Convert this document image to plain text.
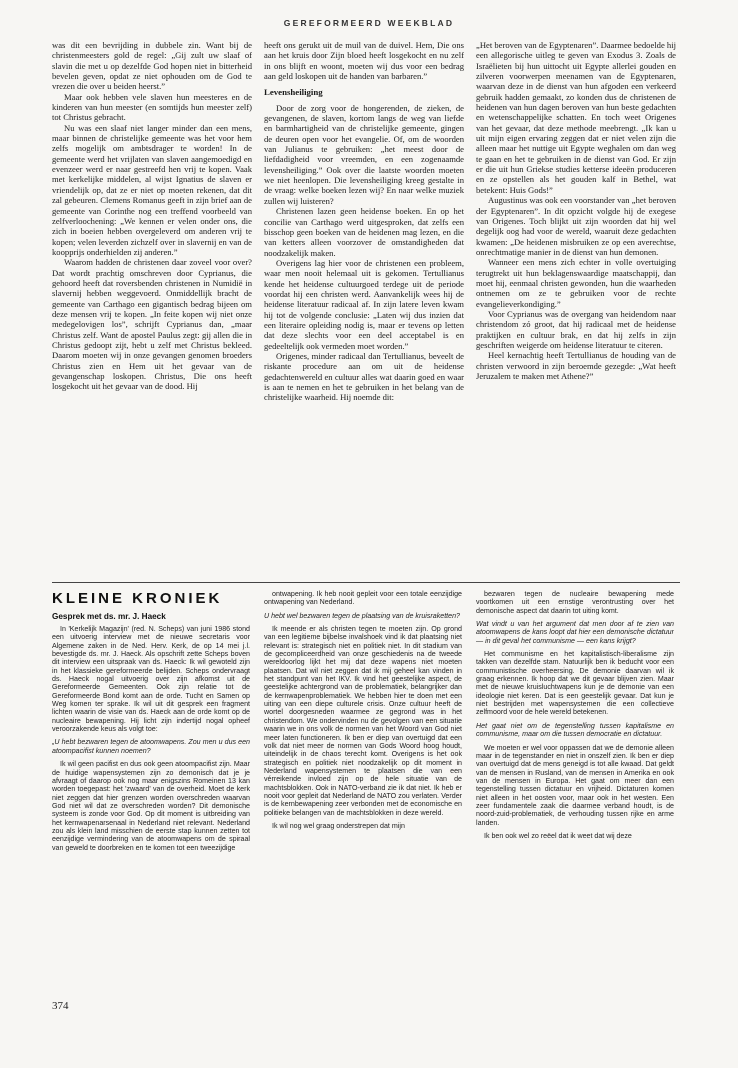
GEREFORMEERD WEEKBLAD

was dit een bevrijding in dubbele zin. Want bij de christenmeesters gold de regel: „Gij zult uw slaaf of slavin die met u op dezelfde God hopen niet in bitterheid bevelen geven, opdat ze niet ophouden om de God te vrezen die over u beiden heerst.”

Maar ook hebben vele slaven hun meesteres en de kinderen van hun meester (en somtijds hun meester zelf) tot Christus gebracht.

Nu was een slaaf niet langer minder dan een mens, maar binnen de christelijke gemeente was het voor hem zelfs mogelijk om ambtsdrager te worden! In de gemeente werd het vrijlaten van slaven aangemoedigd en evenzeer werd er naar gestreefd hen vrij te kopen. Vaak met kerkelijke middelen, al wijst Ignatius de slaven er vriendelijk op, dat ze er niet op moeten rekenen, dat dit zal gebeuren. Clemens Romanus geeft in zijn brief aan de gemeente van Corinthe nog een treffend voorbeeld van zelfverloochening: „We kennen er velen onder ons, die zich in boeien hebben overgeleverd om anderen vrij te kopen; velen leverden zichzelf over in slavernij en van de koopprijs onderhielden zij anderen.”

Waarom hadden de christenen daar zoveel voor over? Dat wordt prachtig omschreven door Cyprianus, die gehoord heeft dat roversbenden christenen in Numidië in slavernij hebben weggevoerd. Onmiddellijk bracht de gemeente van Carthago een gigantisch bedrag bijeen om deze mensen vrij te kopen. „In feite kopen wij niet onze medegelovigen los”, schrijft Cyprianus dan, „maar Christus zelf. Want de apostel Paulus zegt: gij allen die in Christus gedoopt zijt, hebt u zelf met Christus bekleed. Daarom moeten wij in onze gevangen genomen broeders Christus zien en Hem uit het gevaar van de gevangenschap loskopen. Christus, Die ons heeft losgekocht uit het gevaar van de dood. Hij

heeft ons gerukt uit de muil van de duivel. Hem, Die ons aan het kruis door Zijn bloed heeft losgekocht en nu zelf in ons blijft en woont, moeten wij dus voor een bedrag aan geld loskopen uit de handen van barbaren.”

Levensheiliging

Door de zorg voor de hongerenden, de zieken, de gevangenen, de slaven, kortom langs de weg van liefde en barmhartigheid van de christelijke gemeente, gingen de deuren open voor het evangelie. Of, om de woorden van Julianus te gebruiken: „het meest door de liefdadigheid voor vreemden, en een zogenaamde levensheiliging.” Ook over die laatste woorden moeten we niet heenlopen. Die levensheiliging kreeg gestalte in de vraag: welke boeken lezen wij? En naar welke muziek zullen wij luisteren?

Christenen lazen geen heidense boeken. En op het concilie van Carthago werd uitgesproken, dat zelfs een bisschop geen boeken van de heidenen mag lezen, en die van ketters alleen voorzover de omstandigheden dat noodzakelijk maken.

Overigens lag hier voor de christenen een probleem, waar men nooit helemaal uit is gekomen. Tertullianus kende het heidense cultuurgoed terdege uit de periode voordat hij een christen werd. Aanvankelijk wees hij de heidense literatuur radicaal af. In zijn latere leven kwam hij tot de volgende conclusie: „Laten wij dus inzien dat een literaire opleiding nodig is, maar er tevens op letten dat deze slechts voor een deel acceptabel is en gedeeltelijk ook vermeden moet worden.”

Origenes, minder radicaal dan Tertullianus, beveelt de riskante procedure aan om uit de heidense gedachtenwereld en cultuur alles wat daarin goed en waar is aan te nemen en het te gebruiken in het belang van de christelijke waarheid. Hij noemde dit:

„Het beroven van de Egyptenaren”. Daarmee bedoelde hij een allegorische uitleg te geven van Exodus 3. Zoals de Israëlieten bij hun uittocht uit Egypte allerlei gouden en zilveren voorwerpen meenamen van de Egyptenaren, waarvan deze in de dienst van hun afgoden een verkeerd gebruik hadden gemaakt, zo konden dus de christenen de heidenen van hun dagen beroven van hun beste gedachten en wetenschappelijke schatten. En toch weet Origenes van het gevaar, dat deze methode meebrengt. „Ik kan u uit mijn eigen ervaring zeggen dat er niet velen zijn die alleen maar het nuttige uit Egypte weghalen om dan weg te gaan en het te gebruiken in de dienst van God. Er zijn er die uit hun Griekse studies ketterse ideeën produceren en ze opstellen als het gouden kalf in Bethel, wat betekent: Huis Gods!”

Augustinus was ook een voorstander van „het beroven der Egyptenaren”. In dit opzicht volgde hij de exegese van Origenes. Toch blijkt uit zijn woorden dat hij wel degelijk oog had voor de wereld, waaruit deze gedachten kwamen: „De heidenen misbruiken ze op een averechtse, onrechtmatige manier in de dienst van hun demonen.

Wanneer een mens zich echter in volle overtuiging terugtrekt uit hun beklagenswaardige maatschappij, dan moet hij, eenmaal christen gewonden, hun die waarheden ontnemen om ze te gebruiken voor de rechte evangelieverkondiging.”

Voor Cyprianus was de overgang van heidendom naar christendom zó groot, dat hij radicaal met de heidense praktijken en cultuur brak, en dat hij zelfs in zijn geschriften weigerde om heidense literatuur te citeren.

Heel kernachtig heeft Tertullianus de houding van de christen verwoord in zijn beroemde gezegde: „Wat heeft Jeruzalem te maken met Athene?”

KLEINE KRONIEK
Gesprek met ds. mr. J. Haeck

In 'Kerkelijk Magazijn' (red. N. Scheps) van juni 1986 stond een uitvoerig interview met de nieuwe secretaris voor Algemene zaken in de Ned. Herv. Kerk, de op 14 mei j.l. bevestigde ds. mr. J. Haeck. Als opschrift zette Scheps boven dit interview een uitspraak van ds. Haeck: Ik wil gewoteld zijn in het klassieke gereformeerde belijden. Scheps ondervraagt ds. Haeck nogal uitvoerig over zijn afkomst uit de Gereformeerde Gemeenten. Ook zijn relatie tot de Gereformeerde Bond komt aan de orde. Tucht en Samen op Weg komen ter sprake. Ik wil uit dit gesprek een fragment lichten waarin de visie van ds. Haeck aan de orde komt op de nucleaire bewapening. Hij licht zijn indertijd nogal opheef veroorzakende keus als volgt toe:

„U hebt bezwaren tegen de atoomwapens. Zou men u dus een atoompacifist kunnen noemen?

Ik wil geen pacifist en dus ook geen atoompacifist zijn. Maar de huidige wapensystemen zijn zo demonisch dat je je afvraagt of daarop ook nog maar enigszins Romeinen 13 kan worden toegepast: het 'zwaard' van de overheid. Moet de kerk niet zeggen dat hier grenzen worden overschreden waarvan God niet wil dat ze overschreden worden? Dit demonische systeem is zonde voor God. Op dit moment is uitbreiding van het kernwapenarsenaal in Nederland niet relevant. Nederland zou als klein land misschien de eerste stap kunnen zetten tot eenzijdige vermindering van de atoomwapens om de spiraal van geweld te doorbreken en te komen tot een tweezijdige

ontwapening. Ik heb nooit gepleit voor een totale eenzijdige ontwapening van Nederland.

U hebt wel bezwaren tegen de plaatsing van de kruisraketten?

Ik meende er als christen tegen te moeten zijn. Op grond van een legitieme bijbelse invalshoek vind ik dat plaatsing niet relevant is: strategisch niet en politiek niet. In dit stadium van de gecompliceerdheid van onze geschiedenis na de tweede wereldoorlog lijkt het mij dat deze wapens niet moeten plaatsen. Dat wil niet zeggen dat ik mij geheel kan vinden in het standpunt van het IKV. Ik vind het geestelijke aspect, de geestelijke achtergrond van de problematiek, belangrijker dan de kernwapenproblematiek. We hebben hier te doen met een uiting van een diepe culturele crisis. Onze cultuur heeft de wortel doorgesneden waarmee ze gegrond was in het christendom. We ondervinden nu de gevolgen van een situatie waarin we in ons volk de normen van het Woord van God niet meer laten functioneren. Ik ben er diep van overtuigd dat een volk dat niet meer de normen van Gods Woord hoog houdt, uiteindelijk in de chaos terecht komt. Overigens is het ook strategisch en politiek niet noodzakelijk op dit moment in Nederland wapensystemen te plaatsen die van een vérreikende invloed zijn op de hele situatie van de machtsblokken. Ook in NATO-verband zie ik dat niet. Ik heb er nooit voor gepleit dat Nederland de NATO zou verlaten. Verder is de kernbewapening zeer verbonden met de economische en politieke belangen van de machtsblokken in deze wereld.

Ik wil nog wel graag onderstrepen dat mijn

bezwaren tegen de nucleaire bewapening mede voortkomen uit een ernstige verontrusting over het demonische aspect dat daarin tot uiting komt.

Wat vindt u van het argument dat men door af te zien van atoomwapens de kans loopt dat hier een demonische dictatuur — in dit geval het communisme — een kans krijgt?

Het communisme en het kapitalistisch-liberalisme zijn takken van dezelfde stam. Natuurlijk ben ik beducht voor een communistische overheersing. De demonie daarvan wil ik graag erkennen. Ik hoop dat we dit gevaar blijven zien. Maar met de nieuwe kruisluchtwapens kun je de demonie van een ideologie niet keren. Dat is een geestelijk gevaar. Dat kun je niet bestrijden met wapensystemen die een collectieve zelfmoord voor de hele wereld betekenen.

Het gaat niet om de tegenstelling tussen kapitalisme en communisme, maar om die tussen democratie en dictatuur.

We moeten er wel voor oppassen dat we de demonie alleen maar in de tegenstander en niet in onszelf zien. Ik ben er diep van overtuigd dat de mens geneigd is tot alle kwaad. Dat geldt van de mensen in Rusland, van de mensen in Amerika en ook van de mensen in Europa. Het gaat om meer dan een tegenstelling tussen dictatuur en vrijheid. Dictaturen komen niet alleen in het oosten voor, maar ook in het westen. Een zeer fundamentele zaak die daarmee verband houdt, is de noord-zuid-problematiek, de verhouding tussen rijke en arme landen.

Ik ben ook wel zo reëel dat ik weet dat wij deze

374
